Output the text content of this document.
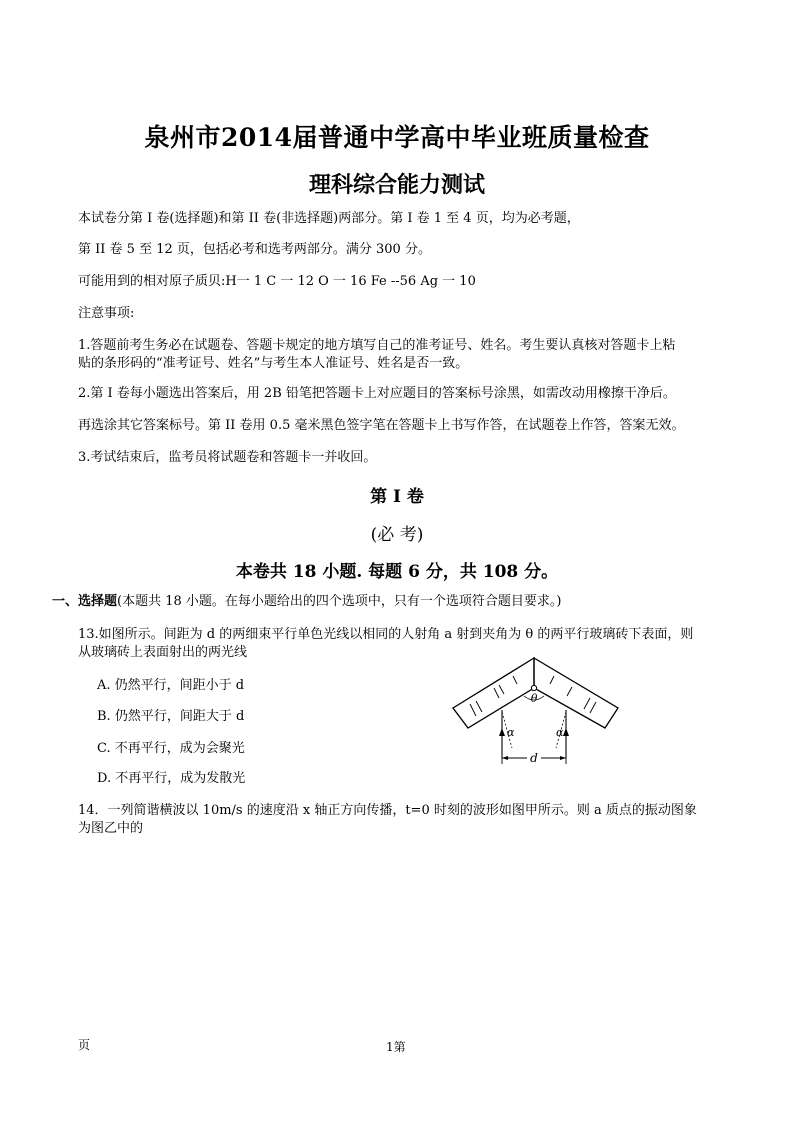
泉州市2014届普通中学高中毕业班质量检查
理科综合能力测试
本试卷分第 I 卷(选择题)和第 II 卷(非选择题)两部分。第 I 卷 1 至 4 页，均为必考题，
第 II 卷 5 至 12 页，包括必考和选考两部分。满分 300 分。
可能用到的相对原子质贝:H一 1 C 一 12 O 一 16 Fe --56 Ag 一 10
注意事项:
1.答题前考生务必在试题卷、答题卡规定的地方填写自己的准考证号、姓名。考生要认真核对答题卡上粘
贴的条形码的“准考证号、姓名”与考生本人准证号、姓名是否一致。
2.第 I 卷每小题选出答案后，用 2B 铅笔把答题卡上对应题目的答案标号涂黑，如需改动用橡擦干净后。
再选涂其它答案标号。第 II 卷用 0.5 毫米黑色签字笔在答题卡上书写作答，在试题卷上作答，答案无效。
3.考试结束后，监考员将试题卷和答题卡一并收回。
第 I 卷
(必 考)
本卷共 18 小题. 每题 6 分，共 108 分。
一、选择题(本题共 18 小题。在每小题给出的四个选项中，只有一个选项符合题目要求。)
13.如图所示。间距为 d 的两细束平行单色光线以相同的人射角 a 射到夹角为 θ 的两平行玻璃砖下表面，则
从玻璃砖上表面射出的两光线
A. 仍然平行，间距小于 d
B. 仍然平行，间距大于 d
C. 不再平行，成为会聚光
D. 不再平行，成为发散光
θ
α	α
d
14．一列简谐横波以 10m/s 的速度沿 x 轴正方向传播，t=0 时刻的波形如图甲所示。则 a 质点的振动图象
为图乙中的
页	1第
